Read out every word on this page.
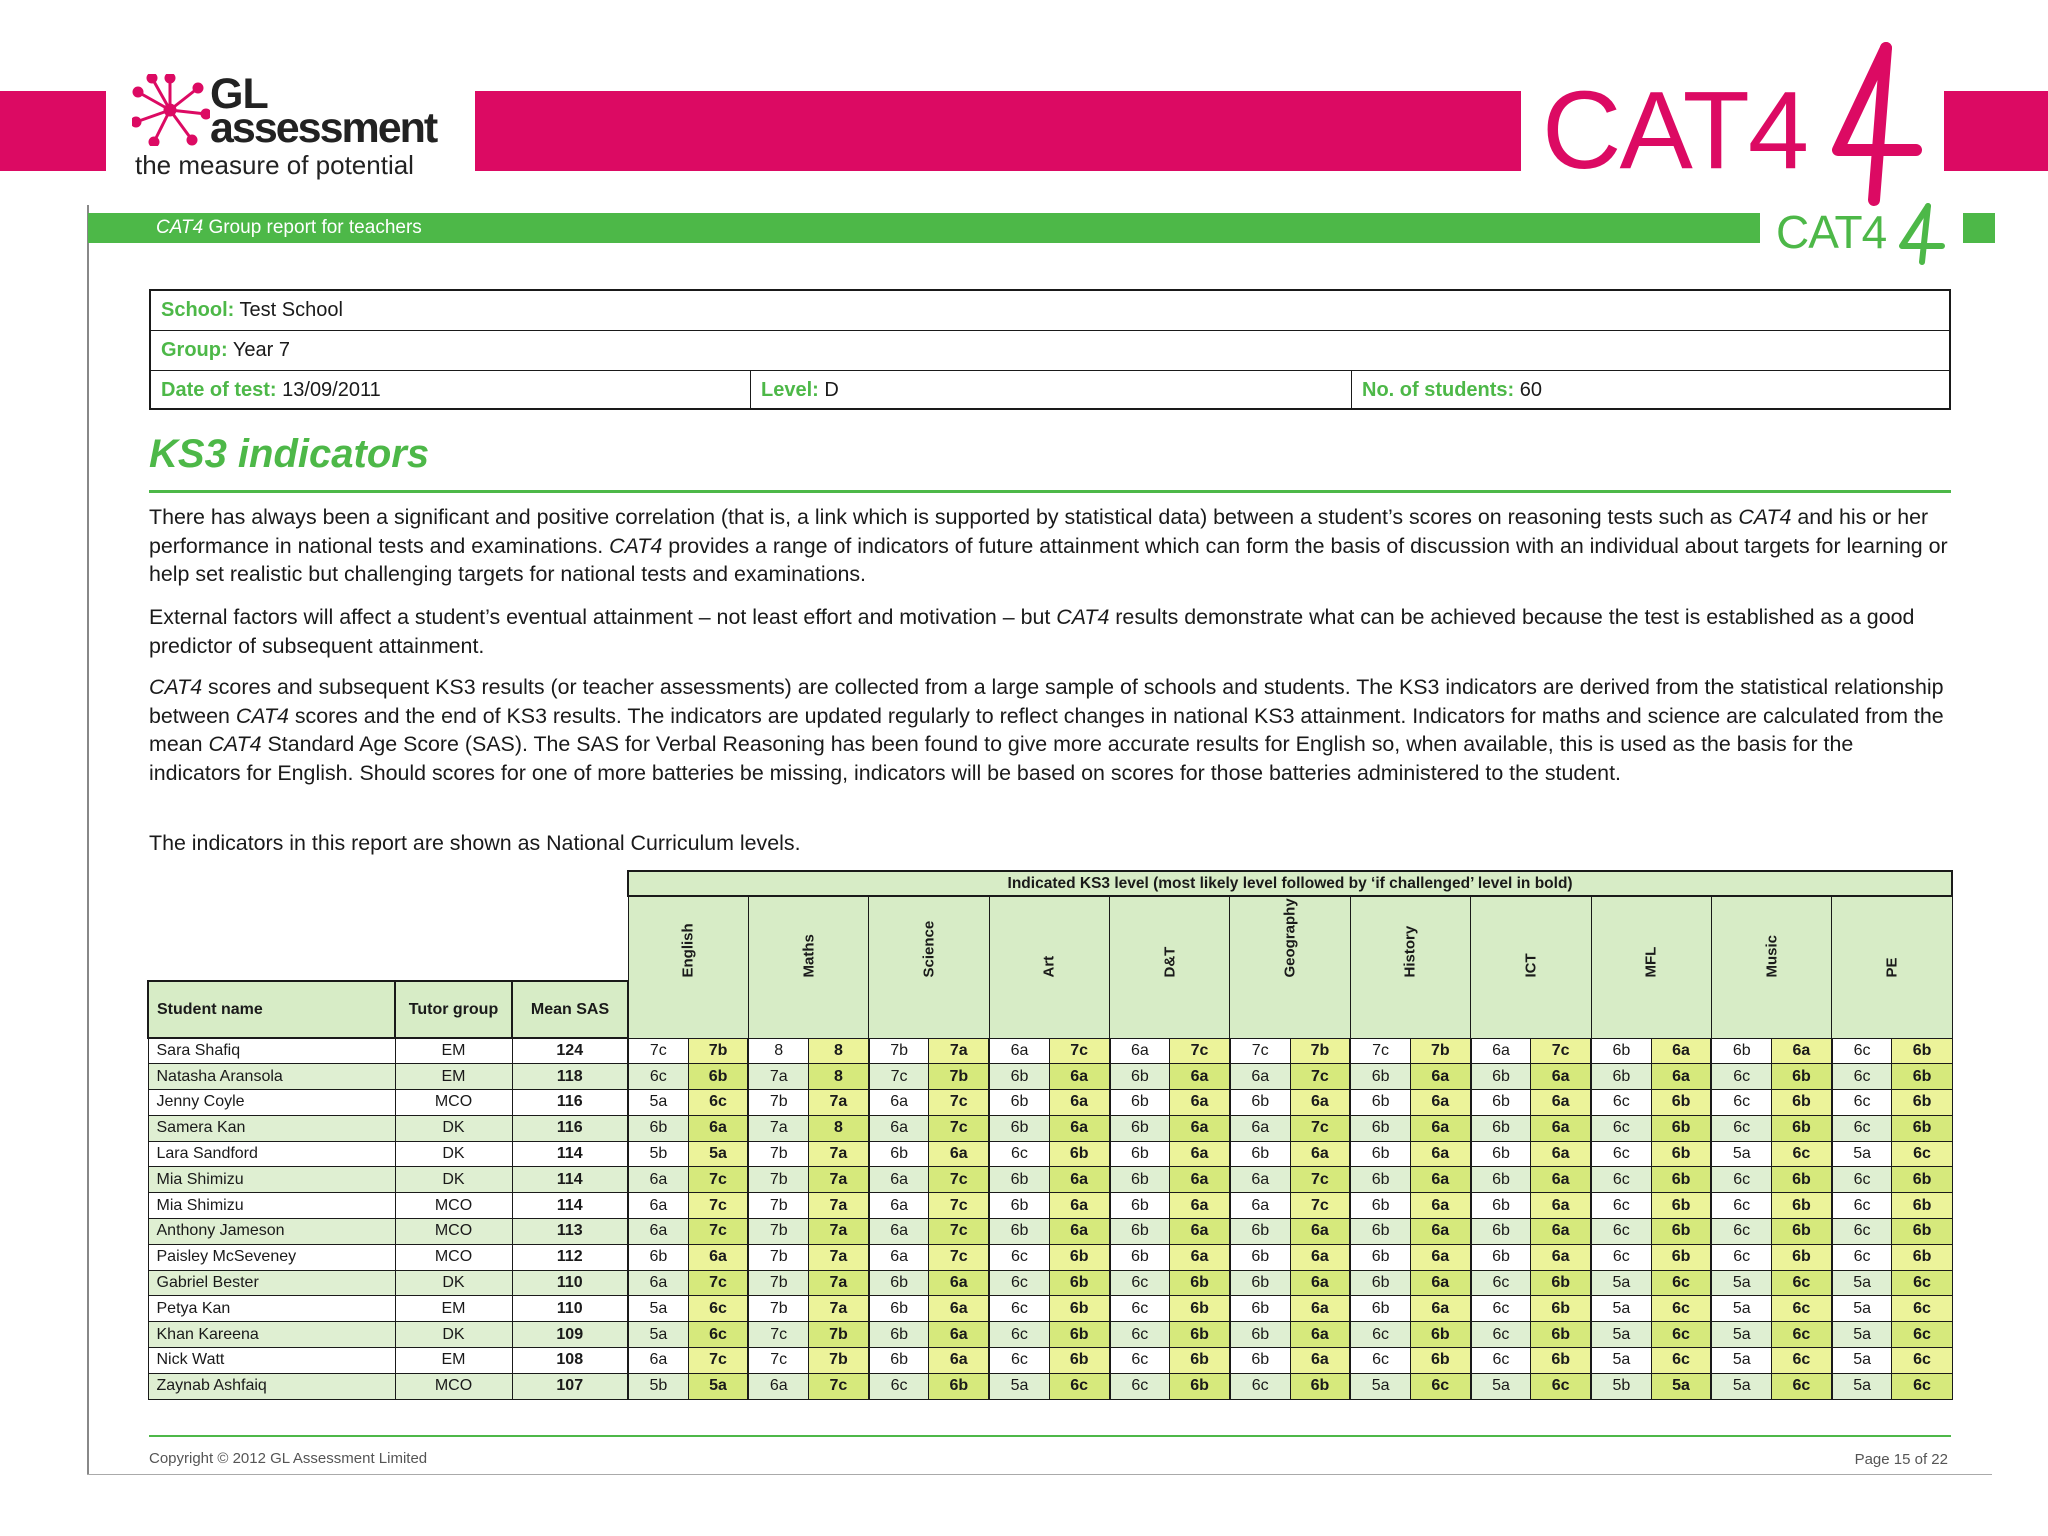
GL
assessment
the measure of potential	CAT4
CAT4 Group report for teachers	CAT4
School: Test School
Group: Year 7
Date of test: 13/09/2011	Level: D	No. of students: 60
KS3 indicators
There has always been a significant and positive correlation (that is, a link which is supported by statistical data) between a student’s scores on reasoning tests such as CAT4 and his or her performance in national tests and examinations. CAT4 provides a range of indicators of future attainment which can form the basis of discussion with an individual about targets for learning or help set realistic but challenging targets for national tests and examinations.
External factors will affect a student’s eventual attainment – not least effort and motivation – but CAT4 results demonstrate what can be achieved because the test is established as a good predictor of subsequent attainment.
CAT4 scores and subsequent KS3 results (or teacher assessments) are collected from a large sample of schools and students. The KS3 indicators are derived from the statistical relationship between CAT4 scores and the end of KS3 results. The indicators are updated regularly to reflect changes in national KS3 attainment. Indicators for maths and science are calculated from the mean CAT4 Standard Age Score (SAS). The SAS for Verbal Reasoning has been found to give more accurate results for English so, when available, this is used as the basis for the indicators for English. Should scores for one of more batteries be missing, indicators will be based on scores for those batteries administered to the student.
The indicators in this report are shown as National Curriculum levels.
			Indicated KS3 level (most likely level followed by ‘if challenged’ level in bold)																					

			English		Maths		Science		Art		D&T		Geography		History		ICT		MFL		Music		PE	

Student name	Tutor group	Mean SAS																						
Sara Shafiq	EM	124	7c	7b	8	8	7b	7a	6a	7c	6a	7c	7c	7b	7c	7b	6a	7c	6b	6a	6b	6a	6c	6b
Natasha Aransola	EM	118	6c	6b	7a	8	7c	7b	6b	6a	6b	6a	6a	7c	6b	6a	6b	6a	6b	6a	6c	6b	6c	6b
Jenny Coyle	MCO	116	5a	6c	7b	7a	6a	7c	6b	6a	6b	6a	6b	6a	6b	6a	6b	6a	6c	6b	6c	6b	6c	6b
Samera Kan	DK	116	6b	6a	7a	8	6a	7c	6b	6a	6b	6a	6a	7c	6b	6a	6b	6a	6c	6b	6c	6b	6c	6b
Lara Sandford	DK	114	5b	5a	7b	7a	6b	6a	6c	6b	6b	6a	6b	6a	6b	6a	6b	6a	6c	6b	5a	6c	5a	6c
Mia Shimizu	DK	114	6a	7c	7b	7a	6a	7c	6b	6a	6b	6a	6a	7c	6b	6a	6b	6a	6c	6b	6c	6b	6c	6b
Mia Shimizu	MCO	114	6a	7c	7b	7a	6a	7c	6b	6a	6b	6a	6a	7c	6b	6a	6b	6a	6c	6b	6c	6b	6c	6b
Anthony Jameson	MCO	113	6a	7c	7b	7a	6a	7c	6b	6a	6b	6a	6b	6a	6b	6a	6b	6a	6c	6b	6c	6b	6c	6b
Paisley McSeveney	MCO	112	6b	6a	7b	7a	6a	7c	6c	6b	6b	6a	6b	6a	6b	6a	6b	6a	6c	6b	6c	6b	6c	6b
Gabriel Bester	DK	110	6a	7c	7b	7a	6b	6a	6c	6b	6c	6b	6b	6a	6b	6a	6c	6b	5a	6c	5a	6c	5a	6c
Petya Kan	EM	110	5a	6c	7b	7a	6b	6a	6c	6b	6c	6b	6b	6a	6b	6a	6c	6b	5a	6c	5a	6c	5a	6c
Khan Kareena	DK	109	5a	6c	7c	7b	6b	6a	6c	6b	6c	6b	6b	6a	6c	6b	6c	6b	5a	6c	5a	6c	5a	6c
Nick Watt	EM	108	6a	7c	7c	7b	6b	6a	6c	6b	6c	6b	6b	6a	6c	6b	6c	6b	5a	6c	5a	6c	5a	6c
Zaynab Ashfaiq	MCO	107	5b	5a	6a	7c	6c	6b	5a	6c	6c	6b	6c	6b	5a	6c	5a	6c	5b	5a	5a	6c	5a	6c
Copyright © 2012 GL Assessment Limited	Page 15 of 22
